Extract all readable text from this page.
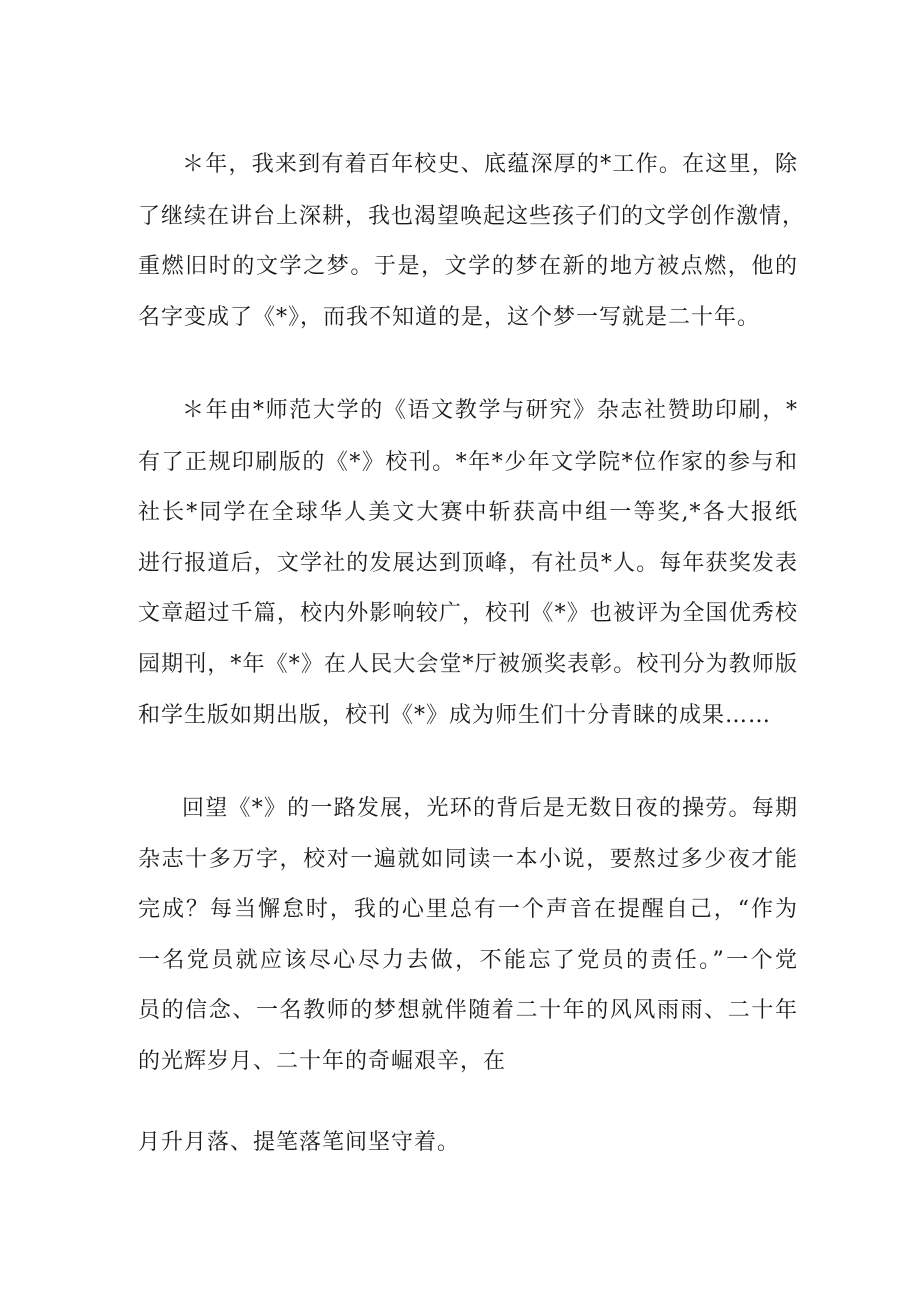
＊年，我来到有着百年校史、底蕴深厚的*工作。在这里，除
了继续在讲台上深耕，我也渴望唤起这些孩子们的文学创作激情，
重燃旧时的文学之梦。于是，文学的梦在新的地方被点燃，他的
名字变成了《*》，而我不知道的是，这个梦一写就是二十年。
＊年由*师范大学的《语文教学与研究》杂志社赞助印刷，*
有了正规印刷版的《*》校刊。*年*少年文学院*位作家的参与和
社长*同学在全球华人美文大赛中斩获高中组一等奖,*各大报纸
进行报道后，文学社的发展达到顶峰，有社员*人。每年获奖发表
文章超过千篇，校内外影响较广，校刊《*》也被评为全国优秀校
园期刊，*年《*》在人民大会堂*厅被颁奖表彰。校刊分为教师版
和学生版如期出版，校刊《*》成为师生们十分青睐的成果……
回望《*》的一路发展，光环的背后是无数日夜的操劳。每期
杂志十多万字，校对一遍就如同读一本小说，要熬过多少夜才能
完成？每当懈怠时，我的心里总有一个声音在提醒自己，“作为
一名党员就应该尽心尽力去做，不能忘了党员的责任。”一个党
员的信念、一名教师的梦想就伴随着二十年的风风雨雨、二十年
的光辉岁月、二十年的奇崛艰辛，在
月升月落、提笔落笔间坚守着。
